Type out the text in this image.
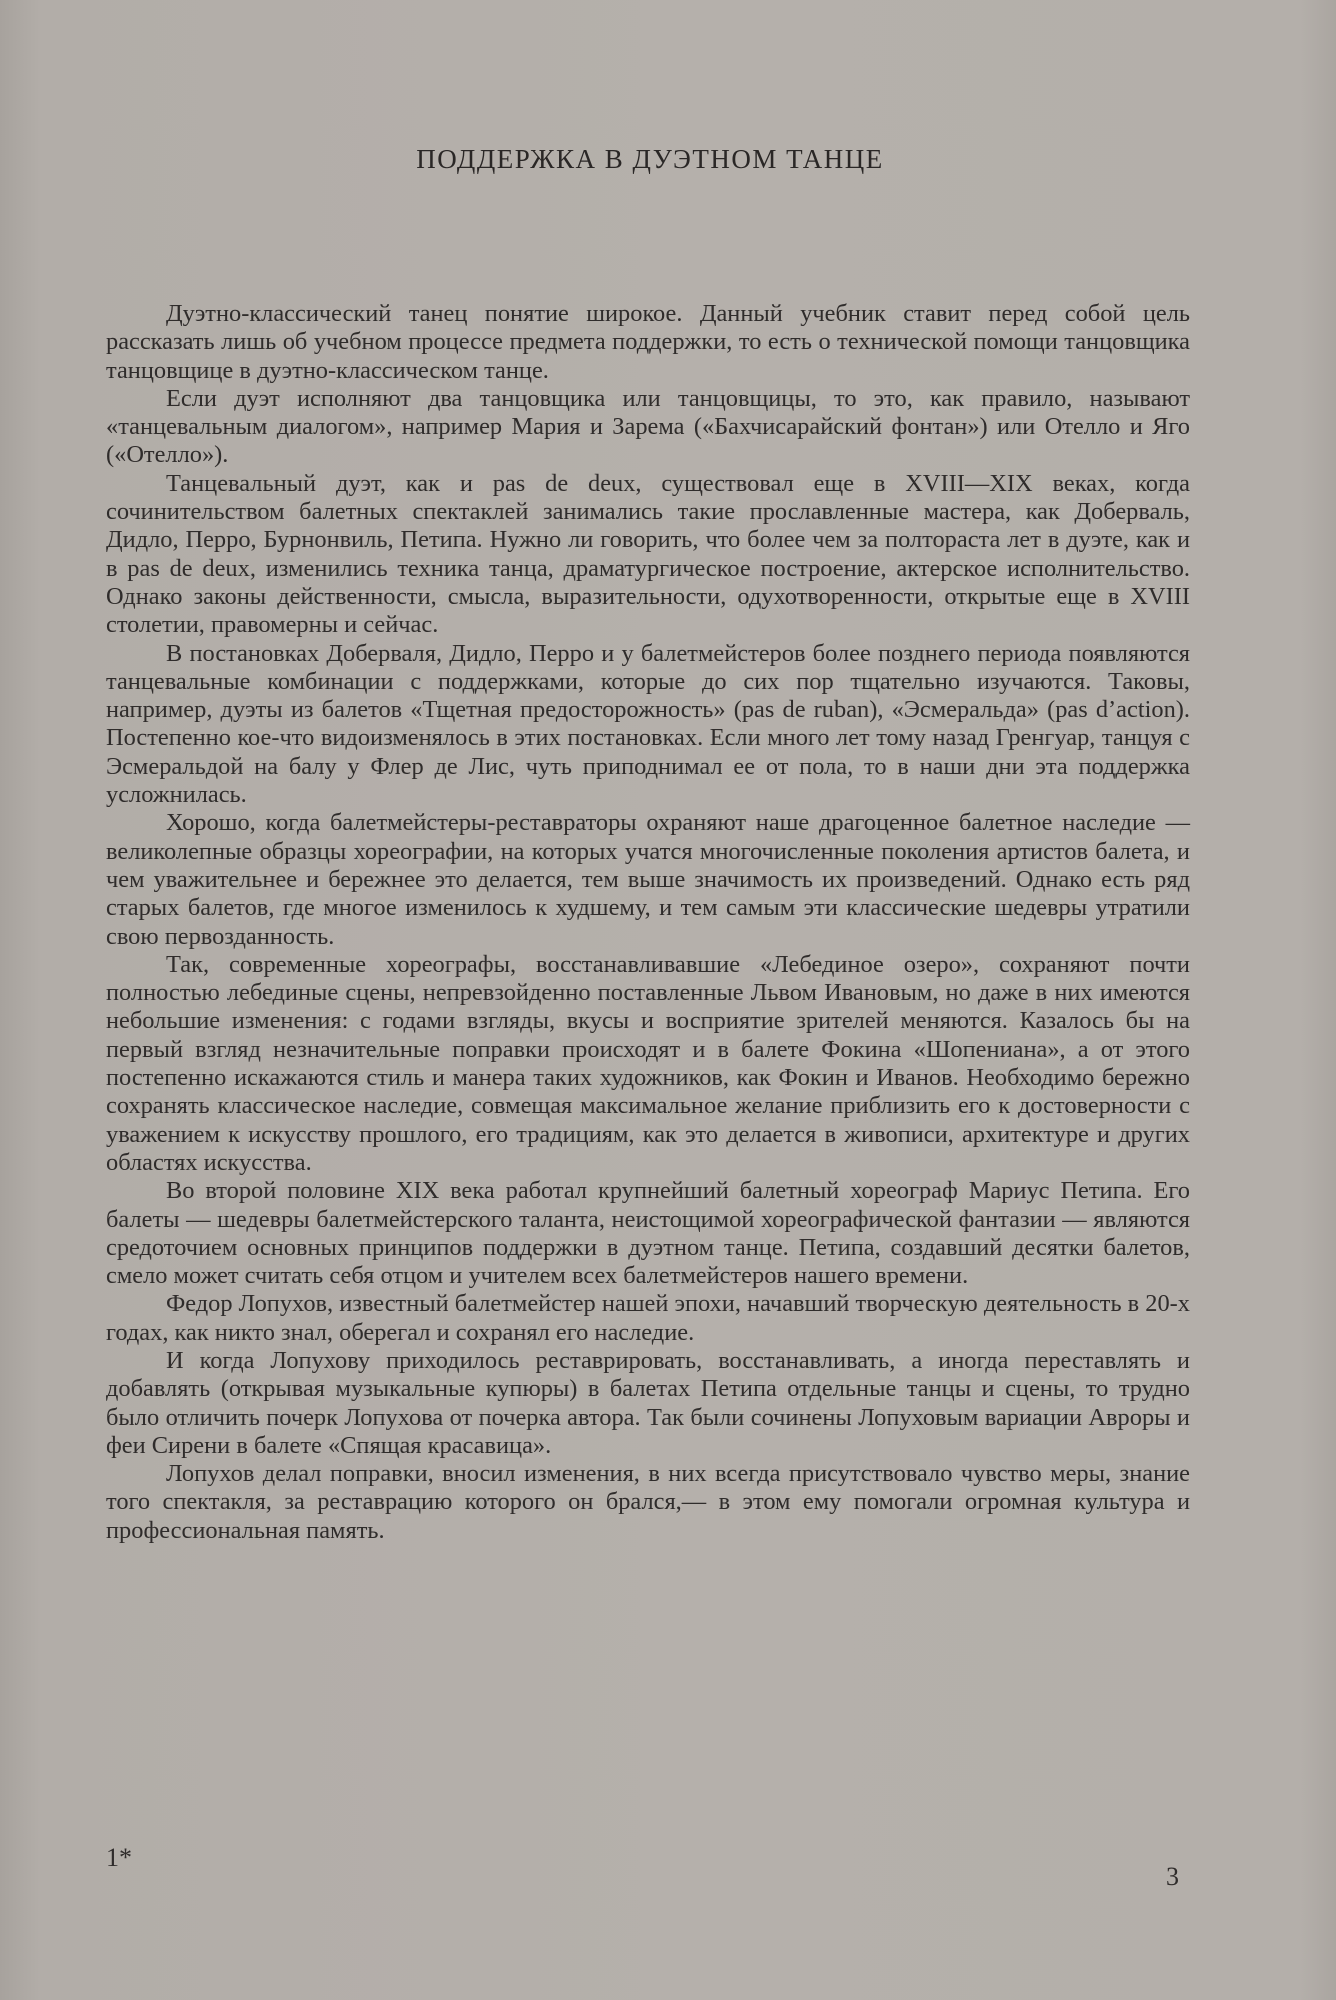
ПОДДЕРЖКА В ДУЭТНОМ ТАНЦЕ

Дуэтно-классический танец понятие широкое. Данный учебник ставит перед собой цель рассказать лишь об учебном процессе предмета поддержки, то есть о технической помощи танцовщика танцовщице в дуэтно-классическом танце.

Если дуэт исполняют два танцовщика или танцовщицы, то это, как правило, называют «танцевальным диалогом», например Мария и Зарема («Бахчисарайский фонтан») или Отелло и Яго («Отелло»).

Танцевальный дуэт, как и pas de deux, существовал еще в XVIII—XIX веках, когда сочинительством балетных спектаклей занимались такие прославленные мастера, как Доберваль, Дидло, Перро, Бурнонвиль, Петипа. Нужно ли говорить, что более чем за полтораста лет в дуэте, как и в pas de deux, изменились техника танца, драматургическое построение, актерское исполнительство. Однако законы действенности, смысла, выразительности, одухотворенности, открытые еще в XVIII столетии, правомерны и сейчас.

В постановках Доберваля, Дидло, Перро и у балетмейстеров более позднего периода появляются танцевальные комбинации с поддержками, которые до сих пор тщательно изучаются. Таковы, например, дуэты из балетов «Тщетная предосторожность» (pas de ruban), «Эсмеральда» (pas d’action). Постепенно кое-что видоизменялось в этих постановках. Если много лет тому назад Гренгуар, танцуя с Эсмеральдой на балу у Флер де Лис, чуть приподнимал ее от пола, то в наши дни эта поддержка усложнилась.

Хорошо, когда балетмейстеры-реставраторы охраняют наше драгоценное балетное наследие — великолепные образцы хореографии, на которых учатся многочисленные поколения артистов балета, и чем уважительнее и бережнее это делается, тем выше значимость их произведений. Однако есть ряд старых балетов, где многое изменилось к худшему, и тем самым эти классические шедевры утратили свою первозданность.

Так, современные хореографы, восстанавливавшие «Лебединое озеро», сохраняют почти полностью лебединые сцены, непревзойденно поставленные Львом Ивановым, но даже в них имеются небольшие изменения: с годами взгляды, вкусы и восприятие зрителей меняются. Казалось бы на первый взгляд незначительные поправки происходят и в балете Фокина «Шопениана», а от этого постепенно искажаются стиль и манера таких художников, как Фокин и Иванов. Необходимо бережно сохранять классическое наследие, совмещая максимальное желание приблизить его к достоверности с уважением к искусству прошлого, его традициям, как это делается в живописи, архитектуре и других областях искусства.

Во второй половине XIX века работал крупнейший балетный хореограф Мариус Петипа. Его балеты — шедевры балетмейстерского таланта, неистощимой хореографической фантазии — являются средоточием основных принципов поддержки в дуэтном танце. Петипа, создавший десятки балетов, смело может считать себя отцом и учителем всех балетмейстеров нашего времени.

Федор Лопухов, известный балетмейстер нашей эпохи, начавший творческую деятельность в 20-х годах, как никто знал, оберегал и сохранял его наследие.

И когда Лопухову приходилось реставрировать, восстанавливать, а иногда переставлять и добавлять (открывая музыкальные купюры) в балетах Петипа отдельные танцы и сцены, то трудно было отличить почерк Лопухова от почерка автора. Так были сочинены Лопуховым вариации Авроры и феи Сирени в балете «Спящая красавица».

Лопухов делал поправки, вносил изменения, в них всегда присутствовало чувство меры, знание того спектакля, за реставрацию которого он брался,— в этом ему помогали огромная культура и профессиональная память.

1*
3
